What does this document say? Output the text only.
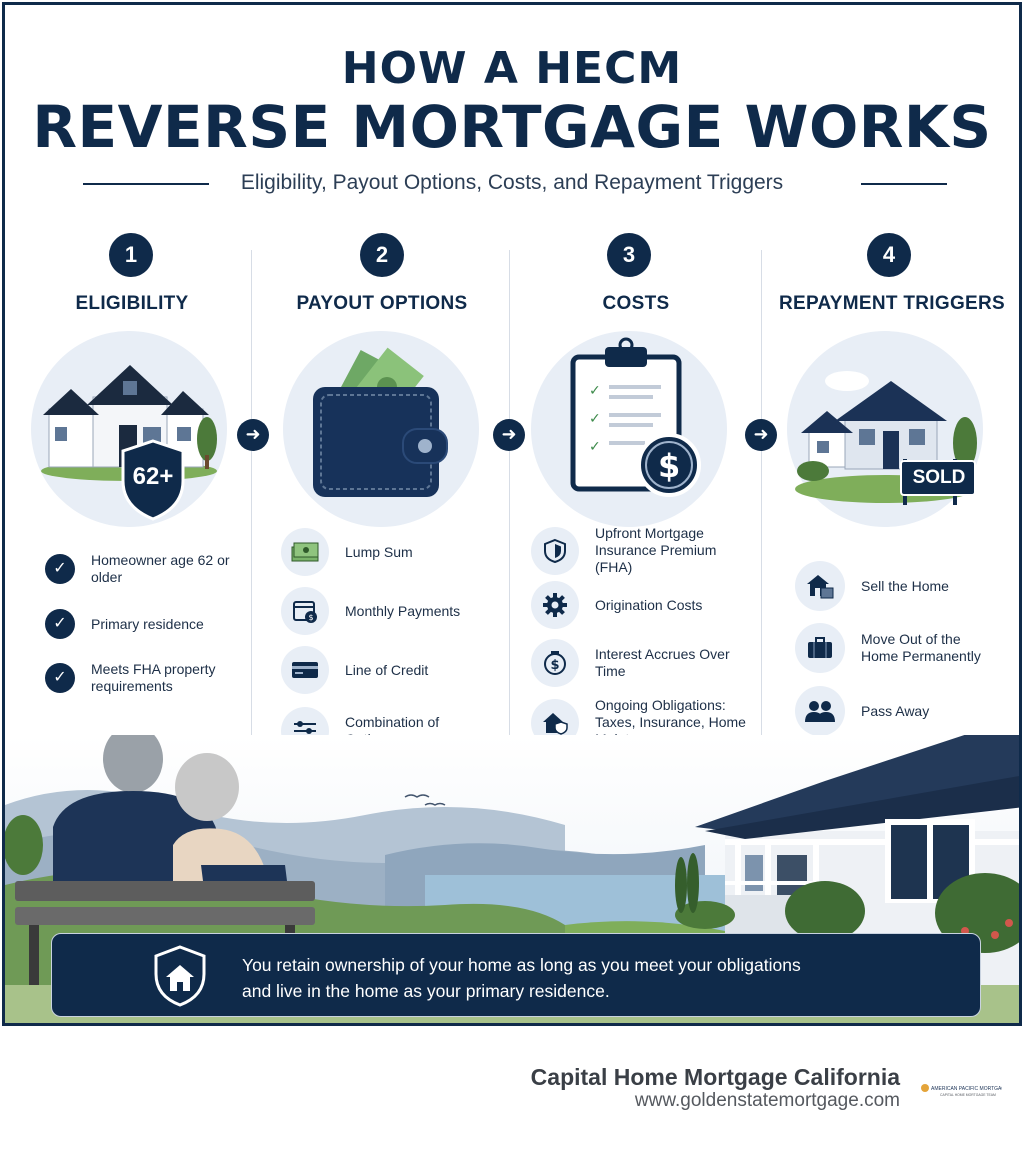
HOW A HECM
REVERSE MORTGAGE WORKS
Eligibility, Payout Options, Costs, and Repayment Triggers
1
ELIGIBILITY
62+
✓	Homeowner age 62 or older
✓	Primary residence
✓	Meets FHA property requirements
➜
2
PAYOUT OPTIONS
Lump Sum
$ Monthly Payments
Line of Credit
Combination of
➜
3
COSTS
✓
✓
✓ $
Upfront Mortgage Insurance Premium (FHA)
Origination Costs
$
Interest Accrues Over Time
Ongoing Obligations: Taxes, Insurance, Home
➜
4
REPAYMENT TRIGGERS
SOLD
Sell the Home
Move Out of the Home Permanently
Pass Away
You retain ownership of your home as long as you meet your obligations
and live in the home as your primary residence.
Capital Home Mortgage California
www.goldenstatemortgage.com
AMERICAN PACIFIC MORTGAGE
CAPITAL HOME MORTGAGE TEAM
